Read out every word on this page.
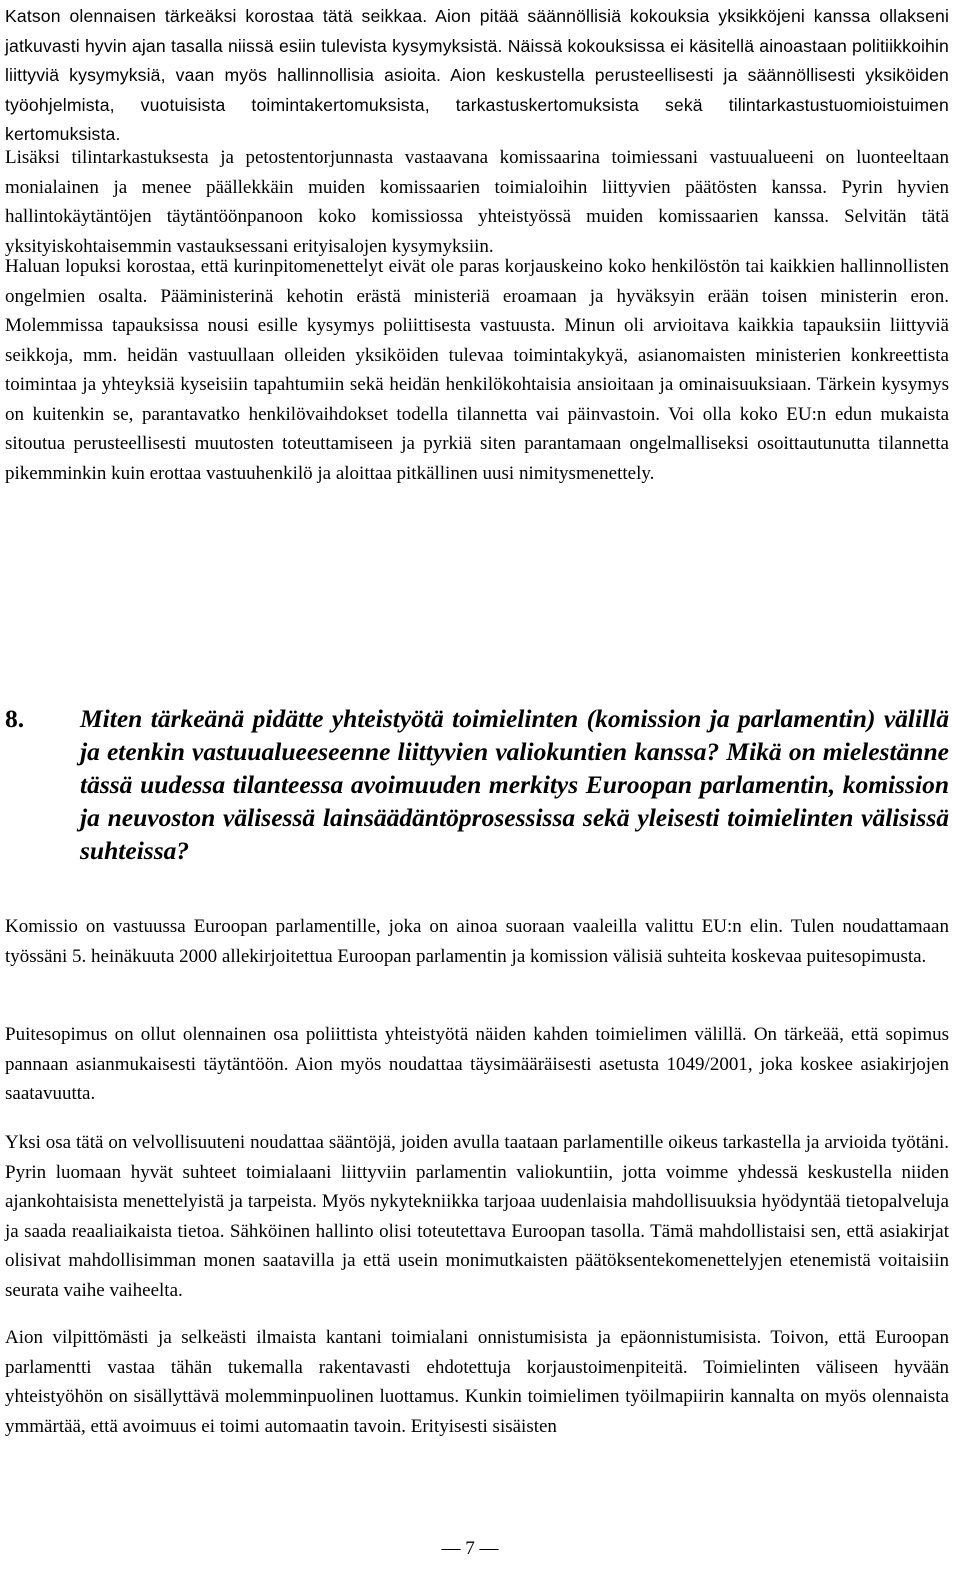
Katson olennaisen tärkeäksi korostaa tätä seikkaa. Aion pitää säännöllisiä kokouksia yksikköjeni kanssa ollakseni jatkuvasti hyvin ajan tasalla niissä esiin tulevista kysymyksistä. Näissä kokouksissa ei käsitellä ainoastaan politiikkoihin liittyviä kysymyksiä, vaan myös hallinnollisia asioita. Aion keskustella perusteellisesti ja säännöllisesti yksiköiden työohjelmista, vuotuisista toimintakertomuksista, tarkastuskertomuksista sekä tilintarkastustuomioistuimen kertomuksista.

Lisäksi tilintarkastuksesta ja petostentorjunnasta vastaavana komissaarina toimiessani vastuualueeni on luonteeltaan monialainen ja menee päällekkäin muiden komissaarien toimialoihin liittyvien päätösten kanssa. Pyrin hyvien hallintokäytäntöjen täytäntöönpanoon koko komissiossa yhteistyössä muiden komissaarien kanssa. Selvitän tätä yksityiskohtaisemmin vastauksessani erityisalojen kysymyksiin.

Haluan lopuksi korostaa, että kurinpitomenettelyt eivät ole paras korjauskeino koko henkilöstön tai kaikkien hallinnollisten ongelmien osalta. Pääministerinä kehotin erästä ministeriä eroamaan ja hyväksyin erään toisen ministerin eron. Molemmissa tapauksissa nousi esille kysymys poliittisesta vastuusta. Minun oli arvioitava kaikkia tapauksiin liittyviä seikkoja, mm. heidän vastuullaan olleiden yksiköiden tulevaa toimintakykyä, asianomaisten ministerien konkreettista toimintaa ja yhteyksiä kyseisiin tapahtumiin sekä heidän henkilökohtaisia ansioitaan ja ominaisuuksiaan. Tärkein kysymys on kuitenkin se, parantavatko henkilövaihdokset todella tilannetta vai päinvastoin. Voi olla koko EU:n edun mukaista sitoutua perusteellisesti muutosten toteuttamiseen ja pyrkiä siten parantamaan ongelmalliseksi osoittautunutta tilannetta pikemminkin kuin erottaa vastuuhenkilö ja aloittaa pitkällinen uusi nimitysmenettely.

8.	Miten tärkeänä pidätte yhteistyötä toimielinten (komission ja parlamentin) välillä ja etenkin vastuualueeseenne liittyvien valiokuntien kanssa? Mikä on mielestänne tässä uudessa tilanteessa avoimuuden merkitys Euroopan parlamentin, komission ja neuvoston välisessä lainsäädäntöprosessissa sekä yleisesti toimielinten välisissä suhteissa?

Komissio on vastuussa Euroopan parlamentille, joka on ainoa suoraan vaaleilla valittu EU:n elin. Tulen noudattamaan työssäni 5. heinäkuuta 2000 allekirjoitettua Euroopan parlamentin ja komission välisiä suhteita koskevaa puitesopimusta.

Puitesopimus on ollut olennainen osa poliittista yhteistyötä näiden kahden toimielimen välillä. On tärkeää, että sopimus pannaan asianmukaisesti täytäntöön. Aion myös noudattaa täysimääräisesti asetusta 1049/2001, joka koskee asiakirjojen saatavuutta.

Yksi osa tätä on velvollisuuteni noudattaa sääntöjä, joiden avulla taataan parlamentille oikeus tarkastella ja arvioida työtäni. Pyrin luomaan hyvät suhteet toimialaani liittyviin parlamentin valiokuntiin, jotta voimme yhdessä keskustella niiden ajankohtaisista menettelyistä ja tarpeista. Myös nykytekniikka tarjoaa uudenlaisia mahdollisuuksia hyödyntää tietopalveluja ja saada reaaliaikaista tietoa. Sähköinen hallinto olisi toteutettava Euroopan tasolla. Tämä mahdollistaisi sen, että asiakirjat olisivat mahdollisimman monen saatavilla ja että usein monimutkaisten päätöksentekomenettelyjen etenemistä voitaisiin seurata vaihe vaiheelta.

Aion vilpittömästi ja selkeästi ilmaista kantani toimialani onnistumisista ja epäonnistumisista. Toivon, että Euroopan parlamentti vastaa tähän tukemalla rakentavasti ehdotettuja korjaustoimenpiteitä. Toimielinten väliseen hyvään yhteistyöhön on sisällyttävä molemminpuolinen luottamus. Kunkin toimielimen työilmapiirin kannalta on myös olennaista ymmärtää, että avoimuus ei toimi automaatin tavoin. Erityisesti sisäisten

— 7 —
